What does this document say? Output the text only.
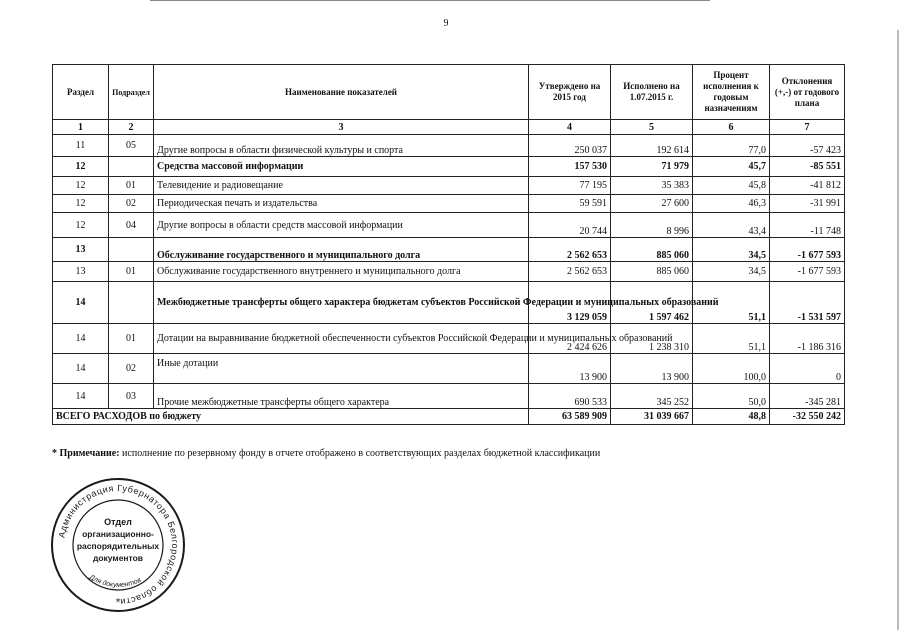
9
Раздел	Подраздел	Наименование показателей	Утверждено на 2015 год	Исполнено на 1.07.2015 г.	Процент исполнения к годовым назначениям	Отклонения (+,-) от годового плана
1	2	3	4	5	6	7
11	05	Другие вопросы в области физической культуры и спорта	250 037	192 614	77,0	-57 423
12		Средства массовой информации	157 530	71 979	45,7	-85 551
12	01	Телевидение и радиовещание	77 195	35 383	45,8	-41 812
12	02	Периодическая печать и издательства	59 591	27 600	46,3	-31 991
12	04	Другие вопросы в области средств массовой информации	20 744	8 996	43,4	-11 748
13		Обслуживание государственного и муниципального долга	2 562 653	885 060	34,5	-1 677 593
13	01	Обслуживание государственного внутреннего и муниципального долга	2 562 653	885 060	34,5	-1 677 593
14		Межбюджетные трансферты общего характера бюджетам субъектов Российской Федерации и муниципальных образований	3 129 059	1 597 462	51,1	-1 531 597
14	01	Дотации на выравнивание бюджетной обеспеченности субъектов Российской Федерации и муниципальных образований	2 424 626	1 238 310	51,1	-1 186 316
14	02	Иные дотации	13 900	13 900	100,0	0
14	03	Прочие межбюджетные трансферты общего характера	690 533	345 252	50,0	-345 281
ВСЕГО РАСХОДОВ по бюджету			63 589 909	31 039 667	48,8	-32 550 242
* Примечание: исполнение по резервному фонду в отчете отображено в соответствующих разделах бюджетной классификации
Администрация Губернатора Белгородской области
Отдел
организационно-
распорядительных
документов
Для документов
*
